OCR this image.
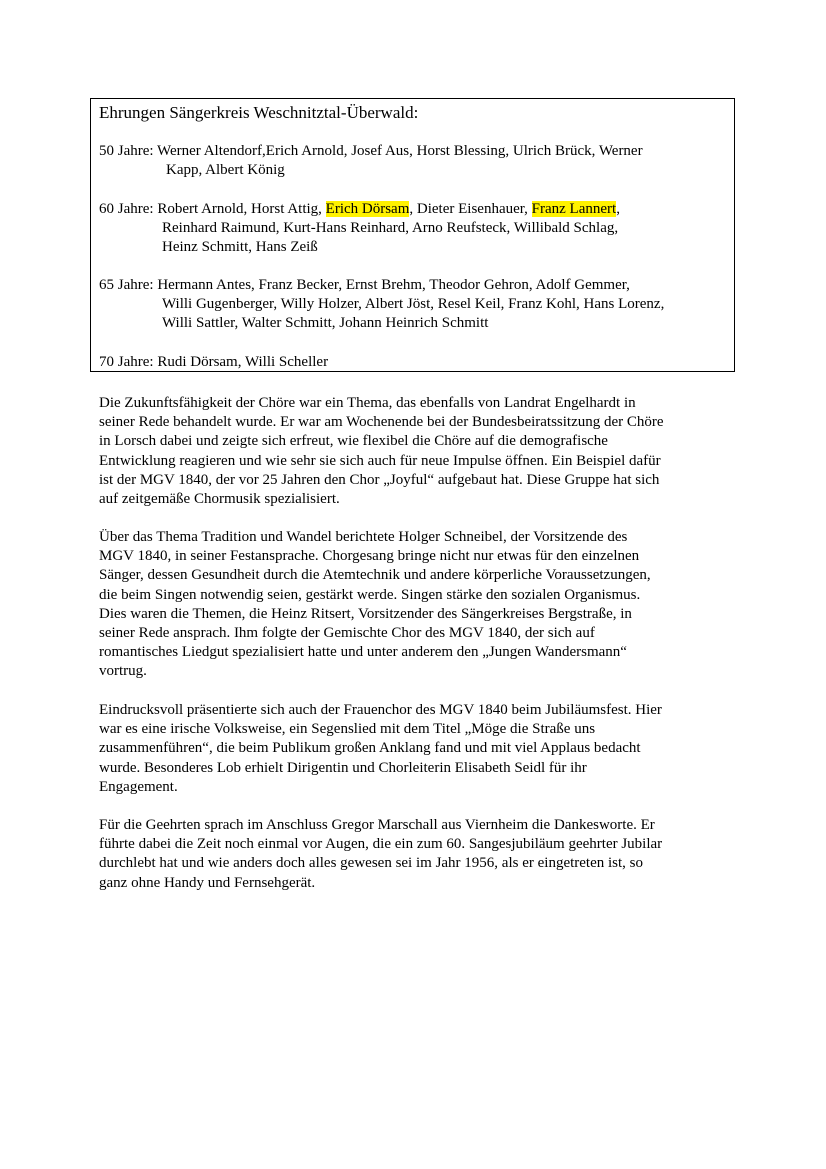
Ehrungen Sängerkreis Weschnitztal-Überwald:
50 Jahre: Werner Altendorf,Erich Arnold, Josef Aus, Horst Blessing, Ulrich Brück, Werner
Kapp, Albert König
60 Jahre: Robert Arnold, Horst Attig, Erich Dörsam, Dieter Eisenhauer, Franz Lannert,
Reinhard Raimund, Kurt-Hans Reinhard, Arno Reufsteck, Willibald Schlag,
Heinz Schmitt, Hans Zeiß
65 Jahre: Hermann Antes, Franz Becker, Ernst Brehm, Theodor Gehron, Adolf Gemmer,
Willi Gugenberger, Willy Holzer, Albert Jöst, Resel Keil, Franz Kohl, Hans Lorenz,
Willi Sattler, Walter Schmitt, Johann Heinrich Schmitt
70 Jahre: Rudi Dörsam, Willi Scheller
Die Zukunftsfähigkeit der Chöre war ein Thema, das ebenfalls von Landrat Engelhardt in
seiner Rede behandelt wurde. Er war am Wochenende bei der Bundesbeiratssitzung der Chöre
in Lorsch dabei und zeigte sich erfreut, wie flexibel die Chöre auf die demografische
Entwicklung reagieren und wie sehr sie sich auch für neue Impulse öffnen. Ein Beispiel dafür
ist der MGV 1840, der vor 25 Jahren den Chor „Joyful“ aufgebaut hat. Diese Gruppe hat sich
auf zeitgemäße Chormusik spezialisiert.
Über das Thema Tradition und Wandel berichtete Holger Schneibel, der Vorsitzende des
MGV 1840, in seiner Festansprache. Chorgesang bringe nicht nur etwas für den einzelnen
Sänger, dessen Gesundheit durch die Atemtechnik und andere körperliche Voraussetzungen,
die beim Singen notwendig seien, gestärkt werde. Singen stärke den sozialen Organismus.
Dies waren die Themen, die Heinz Ritsert, Vorsitzender des Sängerkreises Bergstraße, in
seiner Rede ansprach. Ihm folgte der Gemischte Chor des MGV 1840, der sich auf
romantisches Liedgut spezialisiert hatte und unter anderem den „Jungen Wandersmann“
vortrug.
Eindrucksvoll präsentierte sich auch der Frauenchor des MGV 1840 beim Jubiläumsfest. Hier
war es eine irische Volksweise, ein Segenslied mit dem Titel „Möge die Straße uns
zusammenführen“, die beim Publikum großen Anklang fand und mit viel Applaus bedacht
wurde. Besonderes Lob erhielt Dirigentin und Chorleiterin Elisabeth Seidl für ihr
Engagement.
Für die Geehrten sprach im Anschluss Gregor Marschall aus Viernheim die Dankesworte. Er
führte dabei die Zeit noch einmal vor Augen, die ein zum 60. Sangesjubiläum geehrter Jubilar
durchlebt hat und wie anders doch alles gewesen sei im Jahr 1956, als er eingetreten ist, so
ganz ohne Handy und Fernsehgerät.
